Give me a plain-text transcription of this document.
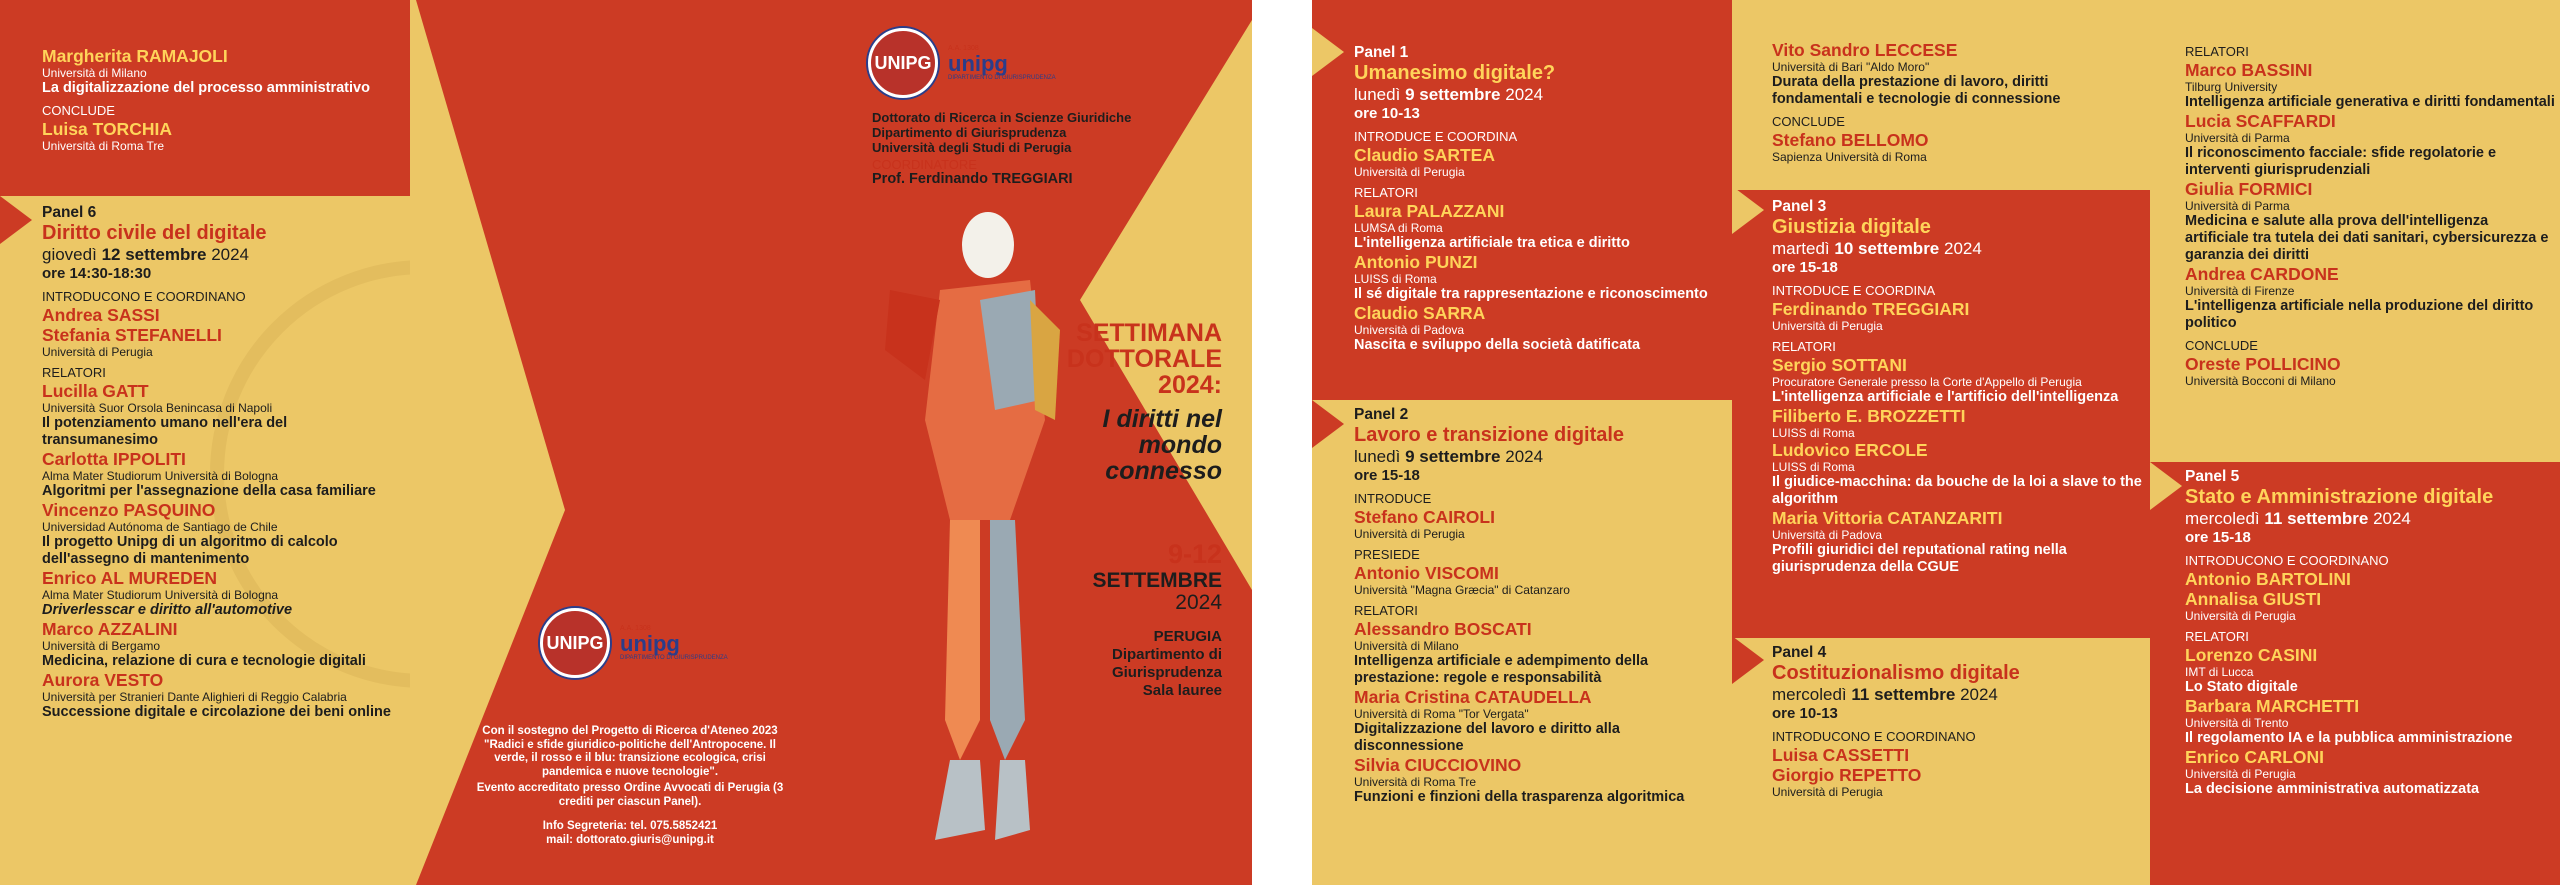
Margherita RAMAJOLI
Università di Milano
La digitalizzazione del processo amministrativo
CONCLUDE
Luisa TORCHIA
Università di Roma Tre
Panel 6
Diritto civile del digitale
giovedì 12 settembre 2024
ore 14:30-18:30
INTRODUCONO E COORDINANO
Andrea SASSI
Stefania STEFANELLI
Università di Perugia
RELATORI
Lucilla GATT
Università Suor Orsola Benincasa di Napoli
Il potenziamento umano nell'era del transumanesimo
Carlotta IPPOLITI
Alma Mater Studiorum Università di Bologna
Algoritmi per l'assegnazione della casa familiare
Vincenzo PASQUINO
Universidad Autónoma de Santiago de Chile
Il progetto Unipg di un algoritmo di calcolo dell'assegno di mantenimento
Enrico AL MUREDEN
Alma Mater Studiorum Università di Bologna
Driverlesscar e diritto all'automotive
Marco AZZALINI
Università di Bergamo
Medicina, relazione di cura e tecnologie digitali
Aurora VESTO
Università per Stranieri Dante Alighieri di Reggio Calabria
Successione digitale e circolazione dei beni online
UNIPG
A.A. 1308
unipg
DIPARTIMENTO DI GIURISPRUDENZA
Con il sostegno del Progetto di Ricerca d'Ateneo 2023 "Radici e sfide giuridico-politiche dell'Antropocene. Il verde, il rosso e il blu: transizione ecologica, crisi pandemica e nuove tecnologie".
Evento accreditato presso Ordine Avvocati di Perugia (3 crediti per ciascun Panel).
Info Segreteria: tel. 075.5852421
mail: dottorato.giuris@unipg.it
UNIPG
A.A. 1308
unipg
DIPARTIMENTO DI GIURISPRUDENZA
Dottorato di Ricerca in Scienze Giuridiche
Dipartimento di Giurisprudenza
Università degli Studi di Perugia
COORDINATORE
Prof. Ferdinando TREGGIARI
SETTIMANA
DOTTORALE
2024:
I diritti nel
mondo
connesso
9-12
SETTEMBRE
2024
PERUGIA
Dipartimento di
Giurisprudenza
Sala lauree
Panel 1
Umanesimo digitale?
lunedì 9 settembre 2024
ore 10-13
INTRODUCE E COORDINA
Claudio SARTEA
Università di Perugia
RELATORI
Laura PALAZZANI
LUMSA di Roma
L'intelligenza artificiale tra etica e diritto
Antonio PUNZI
LUISS di Roma
Il sé digitale tra rappresentazione e riconoscimento
Claudio SARRA
Università di Padova
Nascita e sviluppo della società datificata
Panel 2
Lavoro e transizione digitale
lunedì 9 settembre 2024
ore 15-18
INTRODUCE
Stefano CAIROLI
Università di Perugia
PRESIEDE
Antonio VISCOMI
Università "Magna Græcia" di Catanzaro
RELATORI
Alessandro BOSCATI
Università di Milano
Intelligenza artificiale e adempimento della prestazione: regole e responsabilità
Maria Cristina CATAUDELLA
Università di Roma "Tor Vergata"
Digitalizzazione del lavoro e diritto alla disconnessione
Silvia CIUCCIOVINO
Università di Roma Tre
Funzioni e finzioni della trasparenza algoritmica
Vito Sandro LECCESE
Università di Bari "Aldo Moro"
Durata della prestazione di lavoro, diritti fondamentali e tecnologie di connessione
CONCLUDE
Stefano BELLOMO
Sapienza Università di Roma
Panel 3
Giustizia digitale
martedì 10 settembre 2024
ore 15-18
INTRODUCE E COORDINA
Ferdinando TREGGIARI
Università di Perugia
RELATORI
Sergio SOTTANI
Procuratore Generale presso la Corte d'Appello di Perugia
L'intelligenza artificiale e l'artificio dell'intelligenza
Filiberto E. BROZZETTI
LUISS di Roma
Ludovico ERCOLE
LUISS di Roma
Il giudice-macchina: da bouche de la loi a slave to the algorithm
Maria Vittoria CATANZARITI
Università di Padova
Profili giuridici del reputational rating nella giurisprudenza della CGUE
Panel 4
Costituzionalismo digitale
mercoledì 11 settembre 2024
ore 10-13
INTRODUCONO E COORDINANO
Luisa CASSETTI
Giorgio REPETTO
Università di Perugia
RELATORI
Marco BASSINI
Tilburg University
Intelligenza artificiale generativa e diritti fondamentali
Lucia SCAFFARDI
Università di Parma
Il riconoscimento facciale: sfide regolatorie e interventi giurisprudenziali
Giulia FORMICI
Università di Parma
Medicina e salute alla prova dell'intelligenza artificiale tra tutela dei dati sanitari, cybersicurezza e garanzia dei diritti
Andrea CARDONE
Università di Firenze
L'intelligenza artificiale nella produzione del diritto politico
CONCLUDE
Oreste POLLICINO
Università Bocconi di Milano
Panel 5
Stato e Amministrazione digitale
mercoledì 11 settembre 2024
ore 15-18
INTRODUCONO E COORDINANO
Antonio BARTOLINI
Annalisa GIUSTI
Università di Perugia
RELATORI
Lorenzo CASINI
IMT di Lucca
Lo Stato digitale
Barbara MARCHETTI
Università di Trento
Il regolamento IA e la pubblica amministrazione
Enrico CARLONI
Università di Perugia
La decisione amministrativa automatizzata
